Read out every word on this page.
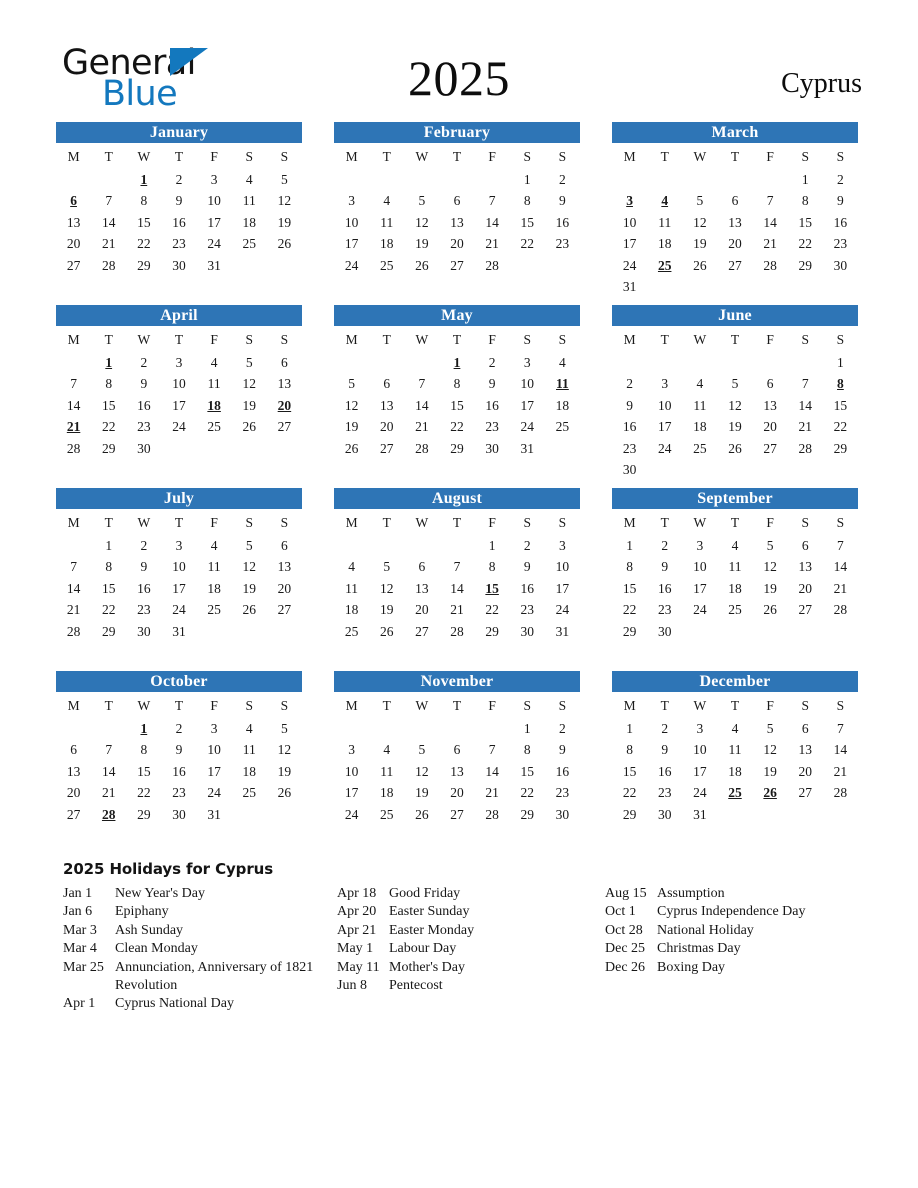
General
Blue	2025	Cyprus
January
M	T	W	T	F	S	S
		1	2	3	4	5
6	7	8	9	10	11	12
13	14	15	16	17	18	19
20	21	22	23	24	25	26
27	28	29	30	31		

February
M	T	W	T	F	S	S
					1	2
3	4	5	6	7	8	9
10	11	12	13	14	15	16
17	18	19	20	21	22	23
24	25	26	27	28		

March
M	T	W	T	F	S	S
					1	2
3	4	5	6	7	8	9
10	11	12	13	14	15	16
17	18	19	20	21	22	23
24	25	26	27	28	29	30
31						
April
M	T	W	T	F	S	S
	1	2	3	4	5	6
7	8	9	10	11	12	13
14	15	16	17	18	19	20
21	22	23	24	25	26	27
28	29	30				

May
M	T	W	T	F	S	S
			1	2	3	4
5	6	7	8	9	10	11
12	13	14	15	16	17	18
19	20	21	22	23	24	25
26	27	28	29	30	31	

June
M	T	W	T	F	S	S
						1
2	3	4	5	6	7	8
9	10	11	12	13	14	15
16	17	18	19	20	21	22
23	24	25	26	27	28	29
30						
July
M	T	W	T	F	S	S
	1	2	3	4	5	6
7	8	9	10	11	12	13
14	15	16	17	18	19	20
21	22	23	24	25	26	27
28	29	30	31			

August
M	T	W	T	F	S	S
				1	2	3
4	5	6	7	8	9	10
11	12	13	14	15	16	17
18	19	20	21	22	23	24
25	26	27	28	29	30	31

September
M	T	W	T	F	S	S
1	2	3	4	5	6	7
8	9	10	11	12	13	14
15	16	17	18	19	20	21
22	23	24	25	26	27	28
29	30					

October
M	T	W	T	F	S	S
		1	2	3	4	5
6	7	8	9	10	11	12
13	14	15	16	17	18	19
20	21	22	23	24	25	26
27	28	29	30	31		

November
M	T	W	T	F	S	S
					1	2
3	4	5	6	7	8	9
10	11	12	13	14	15	16
17	18	19	20	21	22	23
24	25	26	27	28	29	30

December
M	T	W	T	F	S	S
1	2	3	4	5	6	7
8	9	10	11	12	13	14
15	16	17	18	19	20	21
22	23	24	25	26	27	28
29	30	31				

2025 Holidays for Cyprus
Jan 1	New Year's Day
Jan 6	Epiphany
Mar 3	Ash Sunday
Mar 4	Clean Monday
Mar 25 Annunciation, Anniversary of 1821 Revolution
Apr 1	Cyprus National Day
Apr 18 Good Friday
Apr 20 Easter Sunday
Apr 21 Easter Monday
May 1	Labour Day
May 11 Mother's Day
Jun 8	Pentecost
Aug 15 Assumption
Oct 1	Cyprus Independence Day
Oct 28	National Holiday
Dec 25 Christmas Day
Dec 26 Boxing Day
